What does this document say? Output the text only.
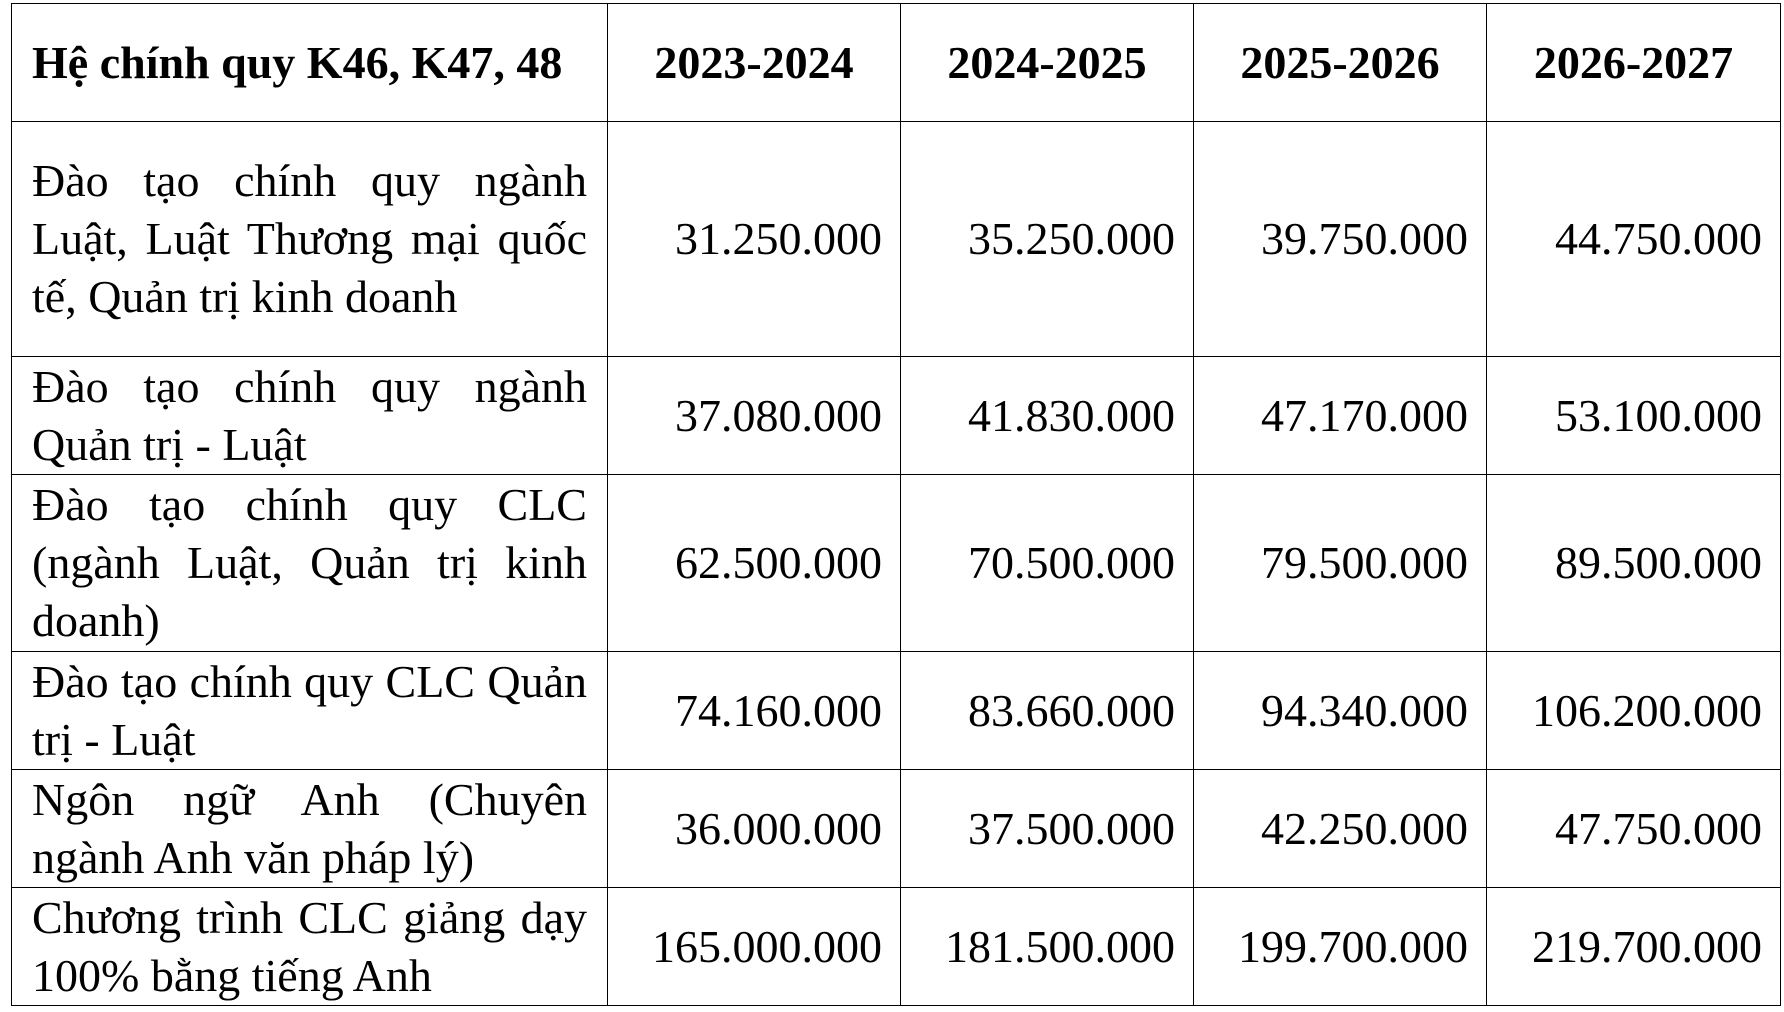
Hệ chính quy K46, K47, 48	2023-2024	2024-2025	2025-2026	2026-2027
Đào tạo chính quy ngành Luật, Luật Thương mại quốc tế, Quản trị kinh doanh	31.250.000	35.250.000	39.750.000	44.750.000
Đào tạo chính quy ngành Quản trị - Luật	37.080.000	41.830.000	47.170.000	53.100.000
Đào tạo chính quy CLC (ngành Luật, Quản trị kinh doanh)	62.500.000	70.500.000	79.500.000	89.500.000
Đào tạo chính quy CLC Quản trị - Luật	74.160.000	83.660.000	94.340.000	106.200.000
Ngôn ngữ Anh (Chuyên ngành Anh văn pháp lý)	36.000.000	37.500.000	42.250.000	47.750.000
Chương trình CLC giảng dạy 100% bằng tiếng Anh	165.000.000	181.500.000	199.700.000	219.700.000
